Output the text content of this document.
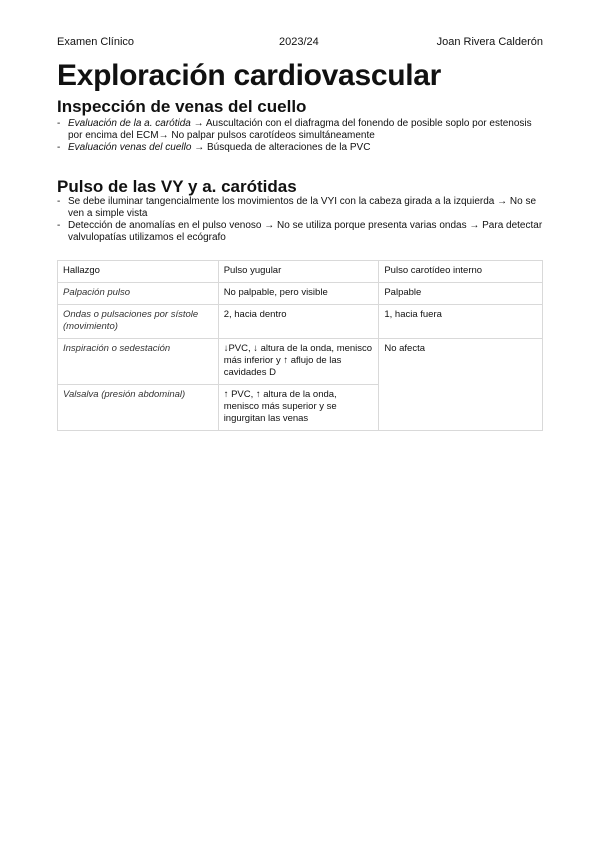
Examen Clínico	2023/24	Joan Rivera Calderón
Exploración cardiovascular
Inspección de venas del cuello
- Evaluación de la a. carótida → Auscultación con el diafragma del fonendo de posible soplo por estenosis por encima del ECM→ No palpar pulsos carotídeos simultáneamente
- Evaluación venas del cuello → Búsqueda de alteraciones de la PVC
Pulso de las VY y a. carótidas
- Se debe iluminar tangencialmente los movimientos de la VYI con la cabeza girada a la izquierda → No se ven a simple vista
- Detección de anomalías en el pulso venoso → No se utiliza porque presenta varias ondas → Para detectar valvulopatías utilizamos el ecógrafo
Hallazgo	Pulso yugular	Pulso carotídeo interno
Palpación pulso	No palpable, pero visible	Palpable
Ondas o pulsaciones por sístole (movimiento)	2, hacia dentro	1, hacia fuera
Inspiración o sedestación	↓PVC, ↓ altura de la onda, menisco más inferior y ↑ aflujo de las cavidades D	No afecta
Valsalva (presión abdominal)	↑ PVC, ↑ altura de la onda, menisco más superior y se ingurgitan las venas	
